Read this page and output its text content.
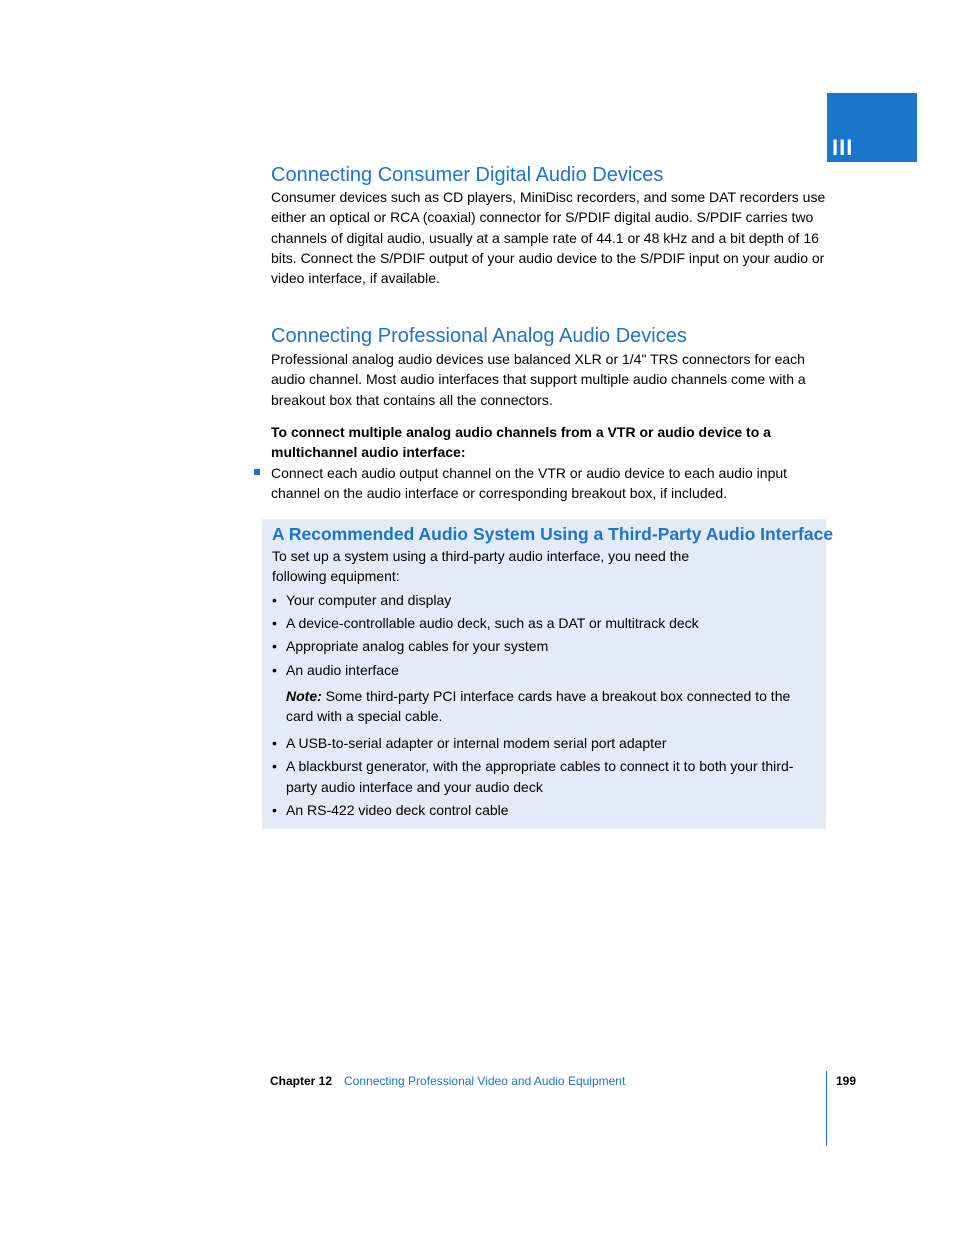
III
Connecting Consumer Digital Audio Devices

Consumer devices such as CD players, MiniDisc recorders, and some DAT recorders use either an optical or RCA (coaxial) connector for S/PDIF digital audio. S/PDIF carries two channels of digital audio, usually at a sample rate of 44.1 or 48 kHz and a bit depth of 16 bits. Connect the S/PDIF output of your audio device to the S/PDIF input on your audio or video interface, if available.

Connecting Professional Analog Audio Devices

Professional analog audio devices use balanced XLR or 1/4" TRS connectors for each audio channel. Most audio interfaces that support multiple audio channels come with a breakout box that contains all the connectors.

To connect multiple analog audio channels from a VTR or audio device to a multichannel audio interface:

Connect each audio output channel on the VTR or audio device to each audio input channel on the audio interface or corresponding breakout box, if included.

A Recommended Audio System Using a Third-Party Audio Interface

To set up a system using a third-party audio interface, you need the following equipment:

• Your computer and display
• A device-controllable audio deck, such as a DAT or multitrack deck
• Appropriate analog cables for your system
• An audio interface

Note: Some third-party PCI interface cards have a breakout box connected to the card with a special cable.

• A USB-to-serial adapter or internal modem serial port adapter
• A blackburst generator, with the appropriate cables to connect it to both your third-party audio interface and your audio deck
• An RS-422 video deck control cable
Chapter 12 Connecting Professional Video and Audio Equipment	199
